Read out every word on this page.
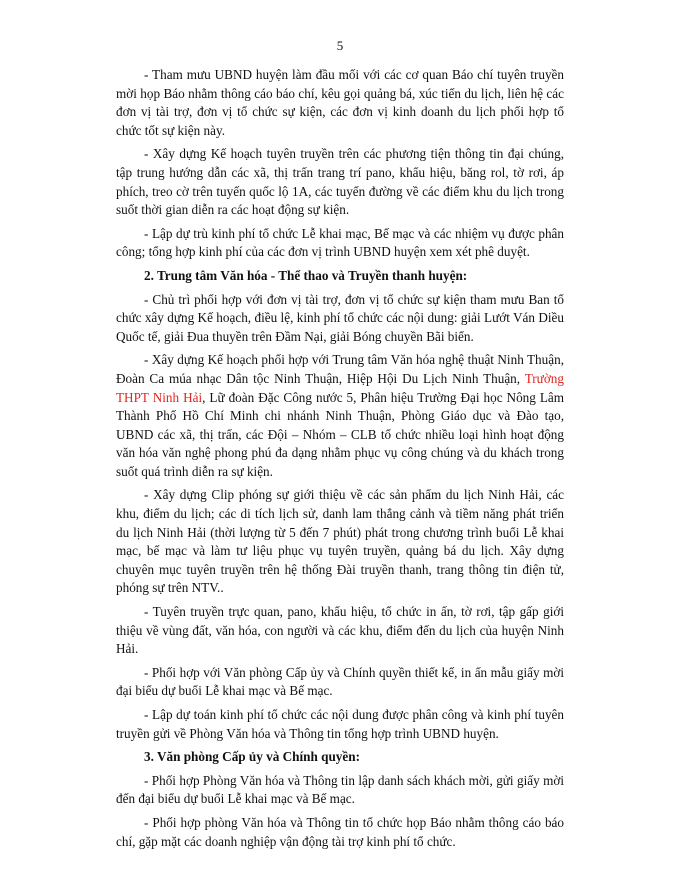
5

- Tham mưu UBND huyện làm đầu mối với các cơ quan Báo chí tuyên truyền mời họp Báo nhằm thông cáo báo chí, kêu gọi quảng bá, xúc tiến du lịch, liên hệ các đơn vị tài trợ, đơn vị tổ chức sự kiện, các đơn vị kinh doanh du lịch phối hợp tổ chức tốt sự kiện này.

- Xây dựng Kế hoạch tuyên truyền trên các phương tiện thông tin đại chúng, tập trung hướng dẫn các xã, thị trấn trang trí pano, khẩu hiệu, băng rol, tờ rơi, áp phích, treo cờ trên tuyến quốc lộ 1A, các tuyến đường về các điểm khu du lịch trong suốt thời gian diễn ra các hoạt động sự kiện.

- Lập dự trù kinh phí tổ chức Lễ khai mạc, Bế mạc và các nhiệm vụ được phân công; tổng hợp kinh phí của các đơn vị trình UBND huyện xem xét phê duyệt.

2. Trung tâm Văn hóa - Thể thao và Truyền thanh huyện:

- Chủ trì phối hợp với đơn vị tài trợ, đơn vị tổ chức sự kiện tham mưu Ban tổ chức xây dựng Kế hoạch, điều lệ, kinh phí tổ chức các nội dung: giải Lướt Ván Diều Quốc tế, giải Đua thuyền trên Đầm Nại, giải Bóng chuyền Bãi biển.

- Xây dựng Kế hoạch phối hợp với Trung tâm Văn hóa nghệ thuật Ninh Thuận, Đoàn Ca múa nhạc Dân tộc Ninh Thuận, Hiệp Hội Du Lịch Ninh Thuận, Trường THPT Ninh Hải, Lữ đoàn Đặc Công nước 5, Phân hiệu Trường Đại học Nông Lâm Thành Phố Hồ Chí Minh chi nhánh Ninh Thuận, Phòng Giáo dục và Đào tạo, UBND các xã, thị trấn, các Đội – Nhóm – CLB tổ chức nhiều loại hình hoạt động văn hóa văn nghệ phong phú đa dạng nhằm phục vụ công chúng và du khách trong suốt quá trình diễn ra sự kiện.

- Xây dựng Clip phóng sự giới thiệu về các sản phẩm du lịch Ninh Hải, các khu, điểm du lịch; các di tích lịch sử, danh lam thắng cảnh và tiềm năng phát triển du lịch Ninh Hải (thời lượng từ 5 đến 7 phút) phát trong chương trình buổi Lễ khai mạc, bế mạc và làm tư liệu phục vụ tuyên truyền, quảng bá du lịch. Xây dựng chuyên mục tuyên truyền trên hệ thống Đài truyền thanh, trang thông tin điện tử, phóng sự trên NTV..

- Tuyên truyền trực quan, pano, khẩu hiệu, tổ chức in ấn, tờ rơi, tập gấp giới thiệu về vùng đất, văn hóa, con người và các khu, điểm đến du lịch của huyện Ninh Hải.

- Phối hợp với Văn phòng Cấp ủy và Chính quyền thiết kế, in ấn mẫu giấy mời đại biểu dự buổi Lễ khai mạc và Bế mạc.

- Lập dự toán kinh phí tổ chức các nội dung được phân công và kinh phí tuyên truyền gửi về Phòng Văn hóa và Thông tin tổng hợp trình UBND huyện.

3. Văn phòng Cấp ủy và Chính quyền:

- Phối hợp Phòng Văn hóa và Thông tin lập danh sách khách mời, gửi giấy mời đến đại biểu dự buổi Lễ khai mạc và Bế mạc.

- Phối hợp phòng Văn hóa và Thông tin tổ chức họp Báo nhằm thông cáo báo chí, gặp mặt các doanh nghiệp vận động tài trợ kinh phí tổ chức.
